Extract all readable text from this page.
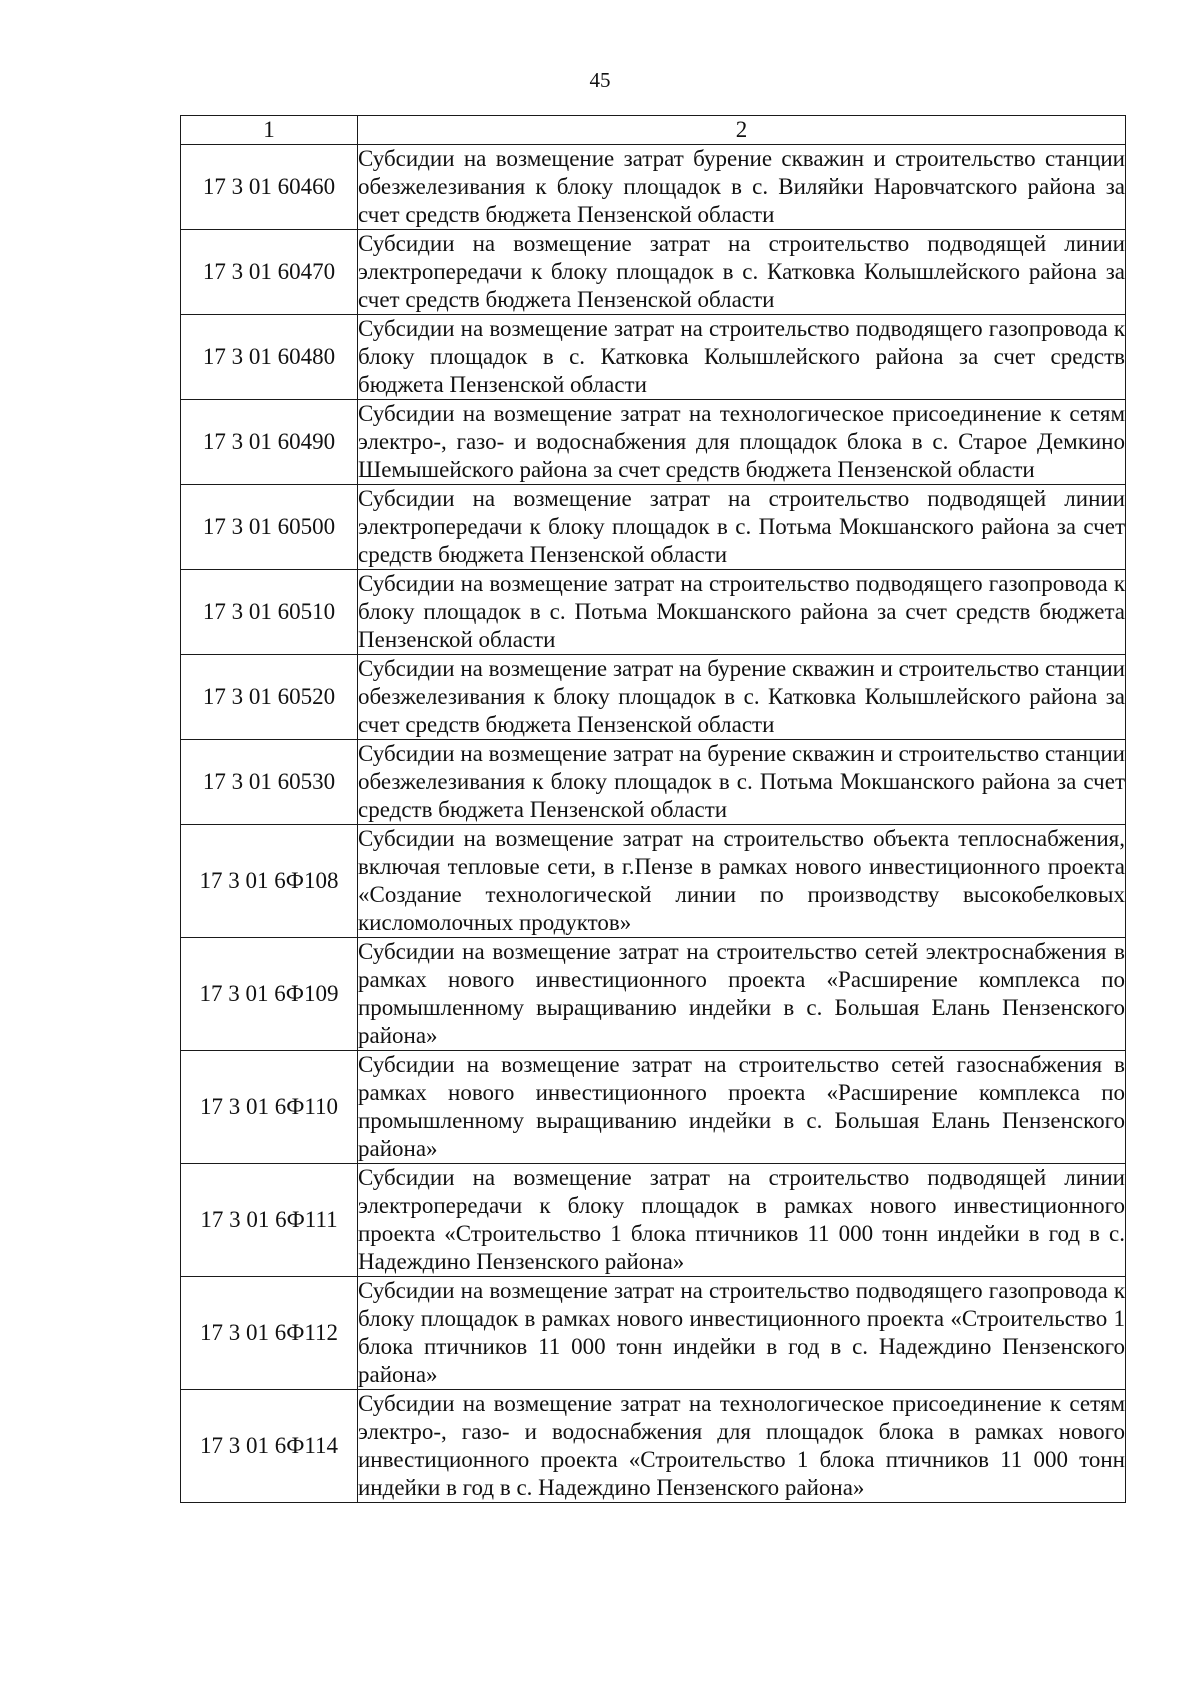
45
1	2
17 3 01 60460	Субсидии на возмещение затрат бурение скважин и строительство станции обезжелезивания к блоку площадок в с. Виляйки Наровчатского района за счет средств бюджета Пензенской области
17 3 01 60470	Субсидии на возмещение затрат на строительство подводящей линии электропередачи к блоку площадок в с. Катковка Колышлейского района за счет средств бюджета Пензенской области
17 3 01 60480	Субсидии на возмещение затрат на строительство подводящего газопровода к блоку площадок в с. Катковка Колышлейского района за счет средств бюджета Пензенской области
17 3 01 60490	Субсидии на возмещение затрат на технологическое присоединение к сетям электро-, газо- и водоснабжения для площадок блока в с. Старое Демкино Шемышейского района за счет средств бюджета Пензенской области
17 3 01 60500	Субсидии на возмещение затрат на строительство подводящей линии электропередачи к блоку площадок в с. Потьма Мокшанского района за счет средств бюджета Пензенской области
17 3 01 60510	Субсидии на возмещение затрат на строительство подводящего газопровода к блоку площадок в с. Потьма Мокшанского района за счет средств бюджета Пензенской области
17 3 01 60520	Субсидии на возмещение затрат на бурение скважин и строительство станции обезжелезивания к блоку площадок в с. Катковка Колышлейского района за счет средств бюджета Пензенской области
17 3 01 60530	Субсидии на возмещение затрат на бурение скважин и строительство станции обезжелезивания к блоку площадок в с. Потьма Мокшанского района за счет средств бюджета Пензенской области
17 3 01 6Ф108	Субсидии на возмещение затрат на строительство объекта теплоснабжения, включая тепловые сети, в г.Пензе в рамках нового инвестиционного проекта «Создание технологической линии по производству высокобелковых кисломолочных продуктов»
17 3 01 6Ф109	Субсидии на возмещение затрат на строительство сетей электроснабжения в рамках нового инвестиционного проекта «Расширение комплекса по промышленному выращиванию индейки в с. Большая Елань Пензенского района»
17 3 01 6Ф110	Субсидии на возмещение затрат на строительство сетей газоснабжения в рамках нового инвестиционного проекта «Расширение комплекса по промышленному выращиванию индейки в с. Большая Елань Пензенского района»
17 3 01 6Ф111	Субсидии на возмещение затрат на строительство подводящей линии электропередачи к блоку площадок в рамках нового инвестиционного проекта «Строительство 1 блока птичников 11 000 тонн индейки в год в с. Надеждино Пензенского района»
17 3 01 6Ф112	Субсидии на возмещение затрат на строительство подводящего газопровода к блоку площадок в рамках нового инвестиционного проекта «Строительство 1 блока птичников 11 000 тонн индейки в год в с. Надеждино Пензенского района»
17 3 01 6Ф114	Субсидии на возмещение затрат на технологическое присоединение к сетям электро-, газо- и водоснабжения для площадок блока в рамках нового инвестиционного проекта «Строительство 1 блока птичников 11 000 тонн индейки в год в с. Надеждино Пензенского района»
